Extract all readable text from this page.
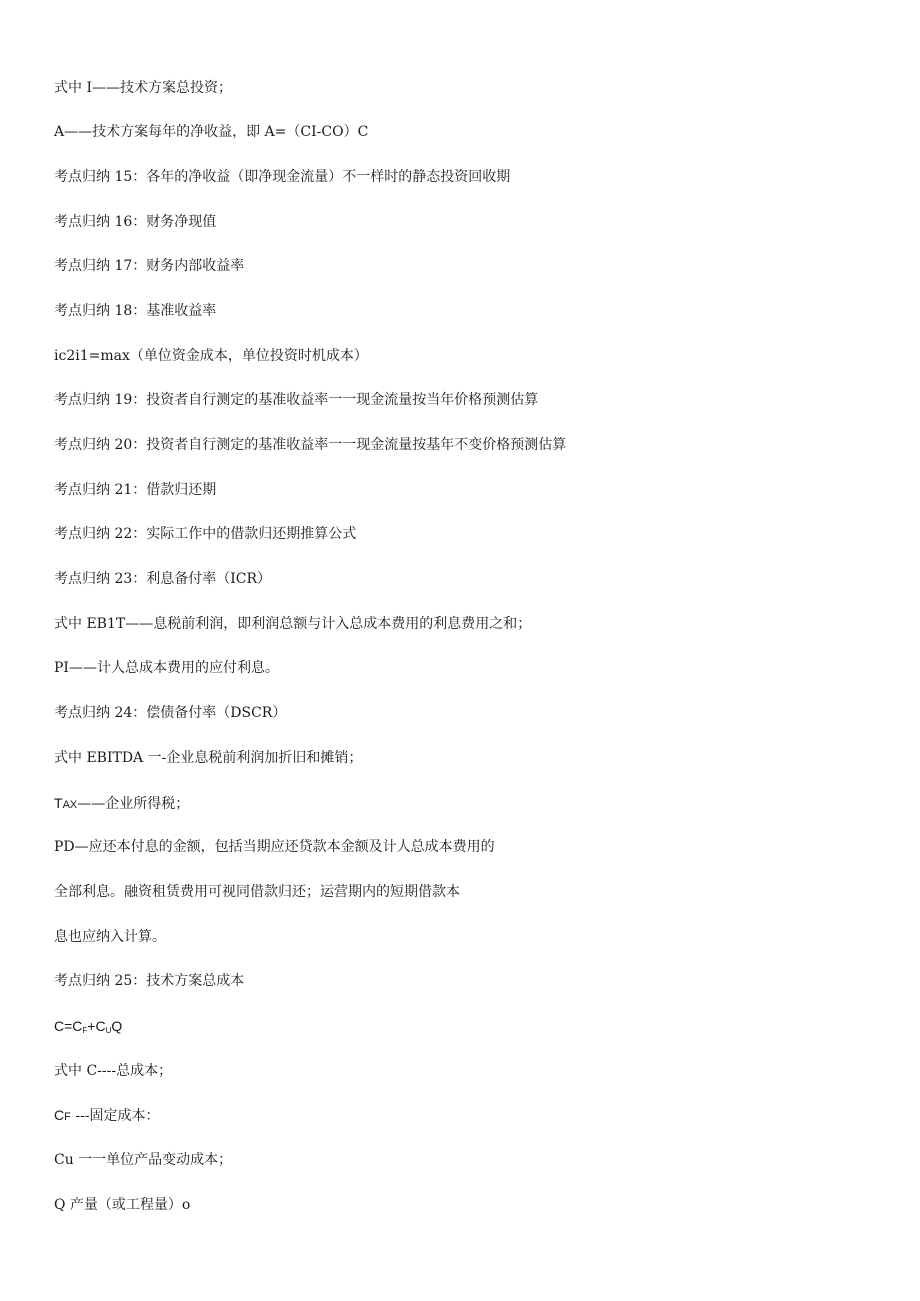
式中 I——技术方案总投资；
A——技术方案每年的净收益，即 A=（CI-CO）C
考点归纳 15：各年的净收益（即净现金流量）不一样时的静态投资回收期
考点归纳 16：财务净现值
考点归纳 17：财务内部收益率
考点归纳 18：基准收益率
ic2i1=max（单位资金成本，单位投资时机成本）
考点归纳 19：投资者自行测定的基准收益率一一现金流量按当年价格预测估算
考点归纳 20：投资者自行测定的基准收益率一一现金流量按基年不变价格预测估算
考点归纳 21：借款归还期
考点归纳 22：实际工作中的借款归还期推算公式
考点归纳 23：利息备付率（ICR）
式中 EB1T——息税前利润，即利润总额与计入总成本费用的利息费用之和；
PI——计人总成本费用的应付利息。
考点归纳 24：偿债备付率（DSCR）
式中 EBITDA 一-企业息税前利润加折旧和摊销；
TAX——企业所得税；
PD—应还本付息的金额，包括当期应还贷款本金额及计人总成本费用的
全部利息。融资租赁费用可视同借款归还；运营期内的短期借款本
息也应纳入计算。
考点归纳 25：技术方案总成本
$C=C_F+C_UQ$
式中 C----总成本；
CF ---固定成本：
Cu 一一单位产品变动成本；
Q 产量（或工程量）o
